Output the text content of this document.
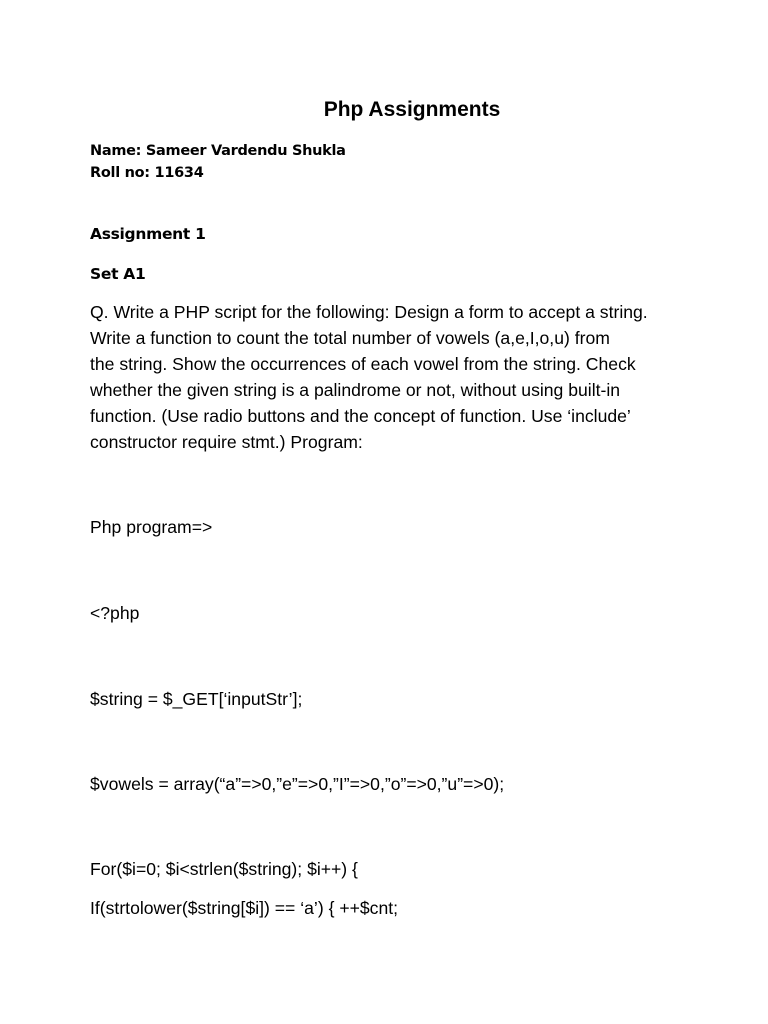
Php Assignments
Name: Sameer Vardendu Shukla
Roll no: 11634
Assignment 1
Set A1
Q. Write a PHP script for the following: Design a form to accept a string.
Write a function to count the total number of vowels (a,e,I,o,u) from
the string. Show the occurrences of each vowel from the string. Check
whether the given string is a palindrome or not, without using built-in
function. (Use radio buttons and the concept of function. Use ‘include’
constructor require stmt.) Program:
Php program=>
<?php
$string = $_GET[‘inputStr’];
$vowels = array(“a”=>0,”e”=>0,”I”=>0,”o”=>0,”u”=>0);
For($i=0; $i<strlen($string); $i++) {
If(strtolower($string[$i]) == ‘a’) { ++$cnt;
